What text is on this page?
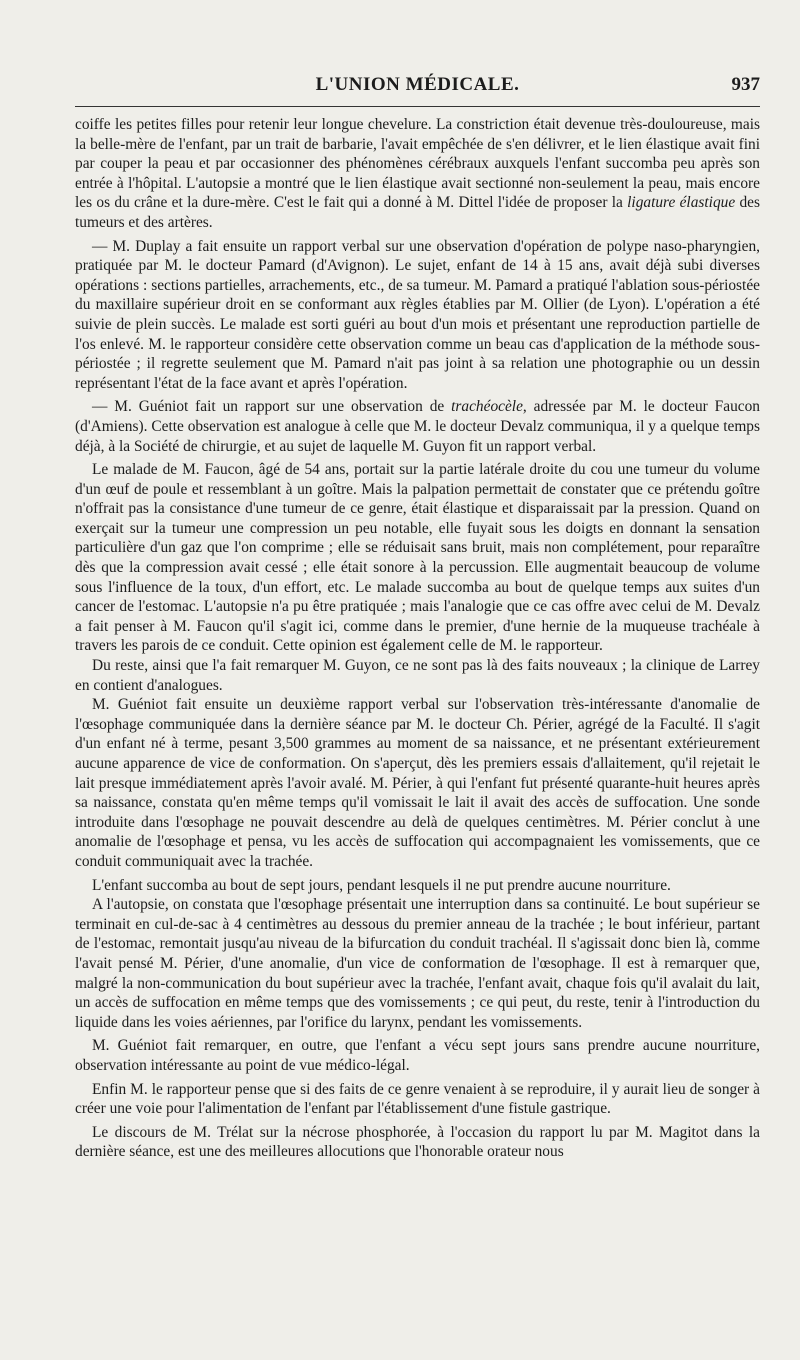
L'UNION MÉDICALE.	937

coiffe les petites filles pour retenir leur longue chevelure. La constriction était devenue très-douloureuse, mais la belle-mère de l'enfant, par un trait de barbarie, l'avait empêchée de s'en délivrer, et le lien élastique avait fini par couper la peau et par occasionner des phénomènes cérébraux auxquels l'enfant succomba peu après son entrée à l'hôpital. L'autopsie a montré que le lien élastique avait sectionné non-seulement la peau, mais encore les os du crâne et la dure-mère. C'est le fait qui a donné à M. Dittel l'idée de proposer la ligature élastique des tumeurs et des artères.

— M. Duplay a fait ensuite un rapport verbal sur une observation d'opération de polype naso-pharyngien, pratiquée par M. le docteur Pamard (d'Avignon). Le sujet, enfant de 14 à 15 ans, avait déjà subi diverses opérations : sections partielles, arrachements, etc., de sa tumeur. M. Pamard a pratiqué l'ablation sous-périostée du maxillaire supérieur droit en se conformant aux règles établies par M. Ollier (de Lyon). L'opération a été suivie de plein succès. Le malade est sorti guéri au bout d'un mois et présentant une reproduction partielle de l'os enlevé. M. le rapporteur considère cette observation comme un beau cas d'application de la méthode sous-périostée ; il regrette seulement que M. Pamard n'ait pas joint à sa relation une photographie ou un dessin représentant l'état de la face avant et après l'opération.

— M. Guéniot fait un rapport sur une observation de trachéocèle, adressée par M. le docteur Faucon (d'Amiens). Cette observation est analogue à celle que M. le docteur Devalz communiqua, il y a quelque temps déjà, à la Société de chirurgie, et au sujet de laquelle M. Guyon fit un rapport verbal.

Le malade de M. Faucon, âgé de 54 ans, portait sur la partie latérale droite du cou une tumeur du volume d'un œuf de poule et ressemblant à un goître. Mais la palpation permettait de constater que ce prétendu goître n'offrait pas la consistance d'une tumeur de ce genre, était élastique et disparaissait par la pression. Quand on exerçait sur la tumeur une compression un peu notable, elle fuyait sous les doigts en donnant la sensation particulière d'un gaz que l'on comprime ; elle se réduisait sans bruit, mais non complétement, pour reparaître dès que la compression avait cessé ; elle était sonore à la percussion. Elle augmentait beaucoup de volume sous l'influence de la toux, d'un effort, etc. Le malade succomba au bout de quelque temps aux suites d'un cancer de l'estomac. L'autopsie n'a pu être pratiquée ; mais l'analogie que ce cas offre avec celui de M. Devalz a fait penser à M. Faucon qu'il s'agit ici, comme dans le premier, d'une hernie de la muqueuse trachéale à travers les parois de ce conduit. Cette opinion est également celle de M. le rapporteur.

Du reste, ainsi que l'a fait remarquer M. Guyon, ce ne sont pas là des faits nouveaux ; la clinique de Larrey en contient d'analogues.

M. Guéniot fait ensuite un deuxième rapport verbal sur l'observation très-intéressante d'anomalie de l'œsophage communiquée dans la dernière séance par M. le docteur Ch. Périer, agrégé de la Faculté. Il s'agit d'un enfant né à terme, pesant 3,500 grammes au moment de sa naissance, et ne présentant extérieurement aucune apparence de vice de conformation. On s'aperçut, dès les premiers essais d'allaitement, qu'il rejetait le lait presque immédiatement après l'avoir avalé. M. Périer, à qui l'enfant fut présenté quarante-huit heures après sa naissance, constata qu'en même temps qu'il vomissait le lait il avait des accès de suffocation. Une sonde introduite dans l'œsophage ne pouvait descendre au delà de quelques centimètres. M. Périer conclut à une anomalie de l'œsophage et pensa, vu les accès de suffocation qui accompagnaient les vomissements, que ce conduit communiquait avec la trachée.

L'enfant succomba au bout de sept jours, pendant lesquels il ne put prendre aucune nourriture.

A l'autopsie, on constata que l'œsophage présentait une interruption dans sa continuité. Le bout supérieur se terminait en cul-de-sac à 4 centimètres au dessous du premier anneau de la trachée ; le bout inférieur, partant de l'estomac, remontait jusqu'au niveau de la bifurcation du conduit trachéal. Il s'agissait donc bien là, comme l'avait pensé M. Périer, d'une anomalie, d'un vice de conformation de l'œsophage. Il est à remarquer que, malgré la non-communication du bout supérieur avec la trachée, l'enfant avait, chaque fois qu'il avalait du lait, un accès de suffocation en même temps que des vomissements ; ce qui peut, du reste, tenir à l'introduction du liquide dans les voies aériennes, par l'orifice du larynx, pendant les vomissements.

M. Guéniot fait remarquer, en outre, que l'enfant a vécu sept jours sans prendre aucune nourriture, observation intéressante au point de vue médico-légal.

Enfin M. le rapporteur pense que si des faits de ce genre venaient à se reproduire, il y aurait lieu de songer à créer une voie pour l'alimentation de l'enfant par l'établissement d'une fistule gastrique.

Le discours de M. Trélat sur la nécrose phosphorée, à l'occasion du rapport lu par M. Magitot dans la dernière séance, est une des meilleures allocutions que l'honorable orateur nous
